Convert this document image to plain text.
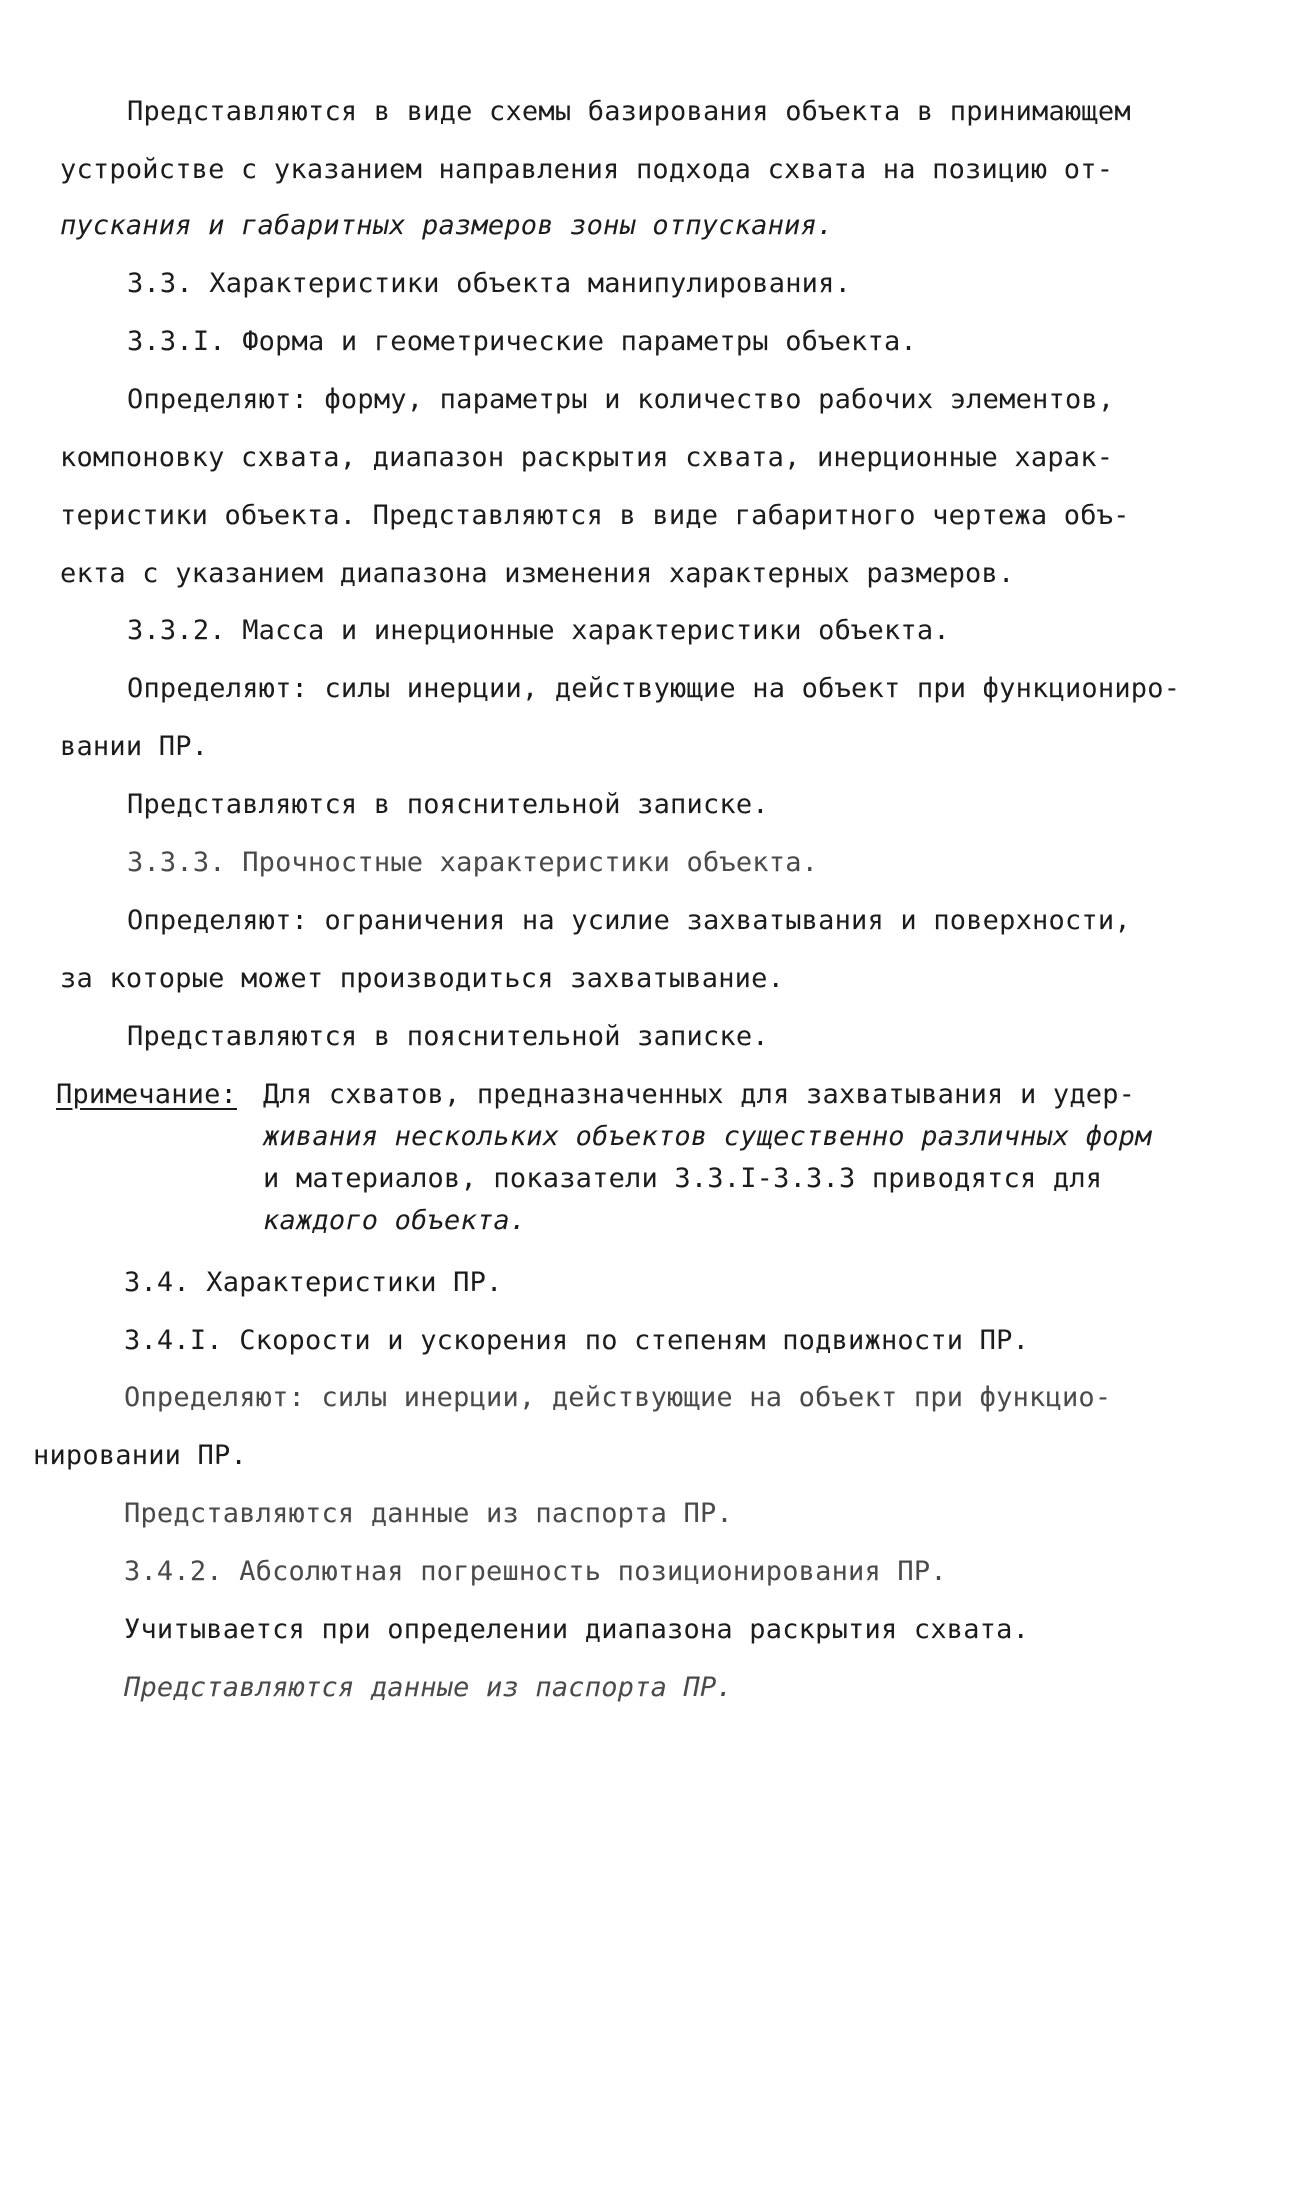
Представляются в виде схемы базирования объекта в принимающем
устройстве с указанием направления подхода схвата на позицию от-
пускания и габаритных размеров зоны отпускания.
3.3. Характеристики объекта манипулирования.
3.3.I. Форма и геометрические параметры объекта.
Определяют: форму, параметры и количество рабочих элементов,
компоновку схвата, диапазон раскрытия схвата, инерционные харак-
теристики объекта. Представляются в виде габаритного чертежа объ-
екта с указанием диапазона изменения характерных размеров.
3.3.2. Масса и инерционные характеристики объекта.
Определяют: силы инерции, действующие на объект при функциониро-
вании ПР.
Представляются в пояснительной записке.
3.3.3. Прочностные характеристики объекта.
Определяют: ограничения на усилие захватывания и поверхности,
за которые может производиться захватывание.
Представляются в пояснительной записке.
Примечание: Для схватов, предназначенных для захватывания и удер-
живания нескольких объектов существенно различных форм
и материалов, показатели 3.3.I-3.3.3 приводятся для
каждого объекта.
3.4. Характеристики ПР.
3.4.I. Скорости и ускорения по степеням подвижности ПР.
Определяют: силы инерции, действующие на объект при функцио-
нировании ПР.
Представляются данные из паспорта ПР.
3.4.2. Абсолютная погрешность позиционирования ПР.
Учитывается при определении диапазона раскрытия схвата.
Представляются данные из паспорта ПР.
